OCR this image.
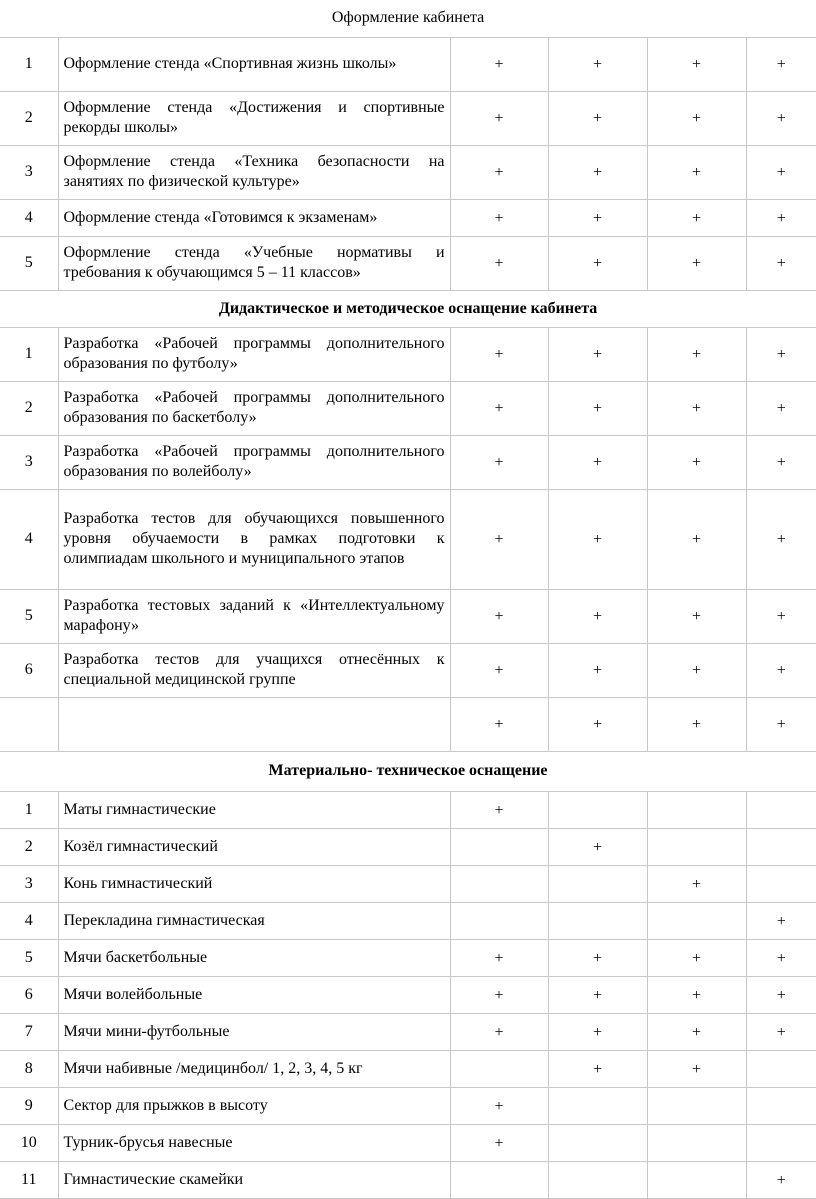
Оформление кабинета					
1	Оформление стенда «Спортивная жизнь школы»	+	+	+	+
2	Оформление стенда «Достижения и спортивные рекорды школы»	+	+	+	+
3	Оформление стенда «Техника безопасности на занятиях по физической культуре»	+	+	+	+
4	Оформление стенда «Готовимся к экзаменам»	+	+	+	+
5	Оформление стенда «Учебные нормативы и требования к обучающимся 5 – 11 классов»	+	+	+	+
Дидактическое и методическое оснащение кабинета					
1	Разработка «Рабочей программы дополнительного образования по футболу»	+	+	+	+
2	Разработка «Рабочей программы дополнительного образования по баскетболу»	+	+	+	+
3	Разработка «Рабочей программы дополнительного образования по волейболу»	+	+	+	+
4	Разработка тестов для обучающихся повышенного уровня обучаемости в рамках подготовки к олимпиадам школьного и муниципального этапов	+	+	+	+
5	Разработка тестовых заданий к «Интеллектуальному марафону»	+	+	+	+
6	Разработка тестов для учащихся отнесённых к специальной медицинской группе	+	+	+	+
		+	+	+	+
Материально- техническое оснащение					
1	Маты гимнастические	+			
2	Козёл гимнастический		+		
3	Конь гимнастический			+	
4	Перекладина гимнастическая				+
5	Мячи баскетбольные	+	+	+	+
6	Мячи волейбольные	+	+	+	+
7	Мячи мини-футбольные	+	+	+	+
8	Мячи набивные /медицинбол/ 1, 2, 3, 4, 5 кг		+	+	
9	Сектор для прыжков в высоту	+			
10	Турник-брусья навесные	+			
11	Гимнастические скамейки				+
